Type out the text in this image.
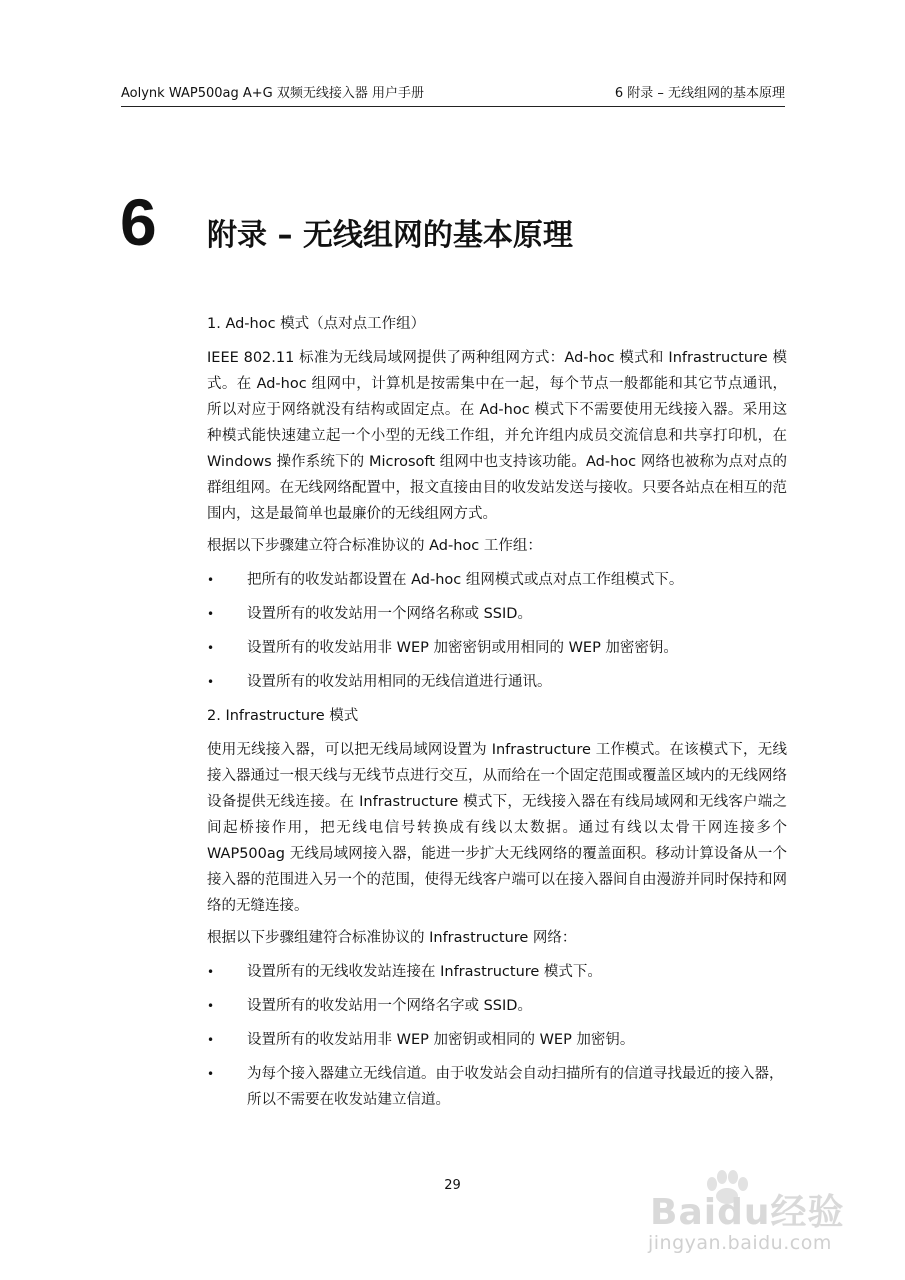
Aolynk WAP500ag A+G 双频无线接入器 用户手册	6 附录 – 无线组网的基本原理
6 附录 – 无线组网的基本原理
1. Ad-hoc 模式（点对点工作组）

IEEE 802.11 标准为无线局域网提供了两种组网方式：Ad-hoc 模式和 Infrastructure 模式。在 Ad-hoc 组网中，计算机是按需集中在一起，每个节点一般都能和其它节点通讯，所以对应于网络就没有结构或固定点。在 Ad-hoc 模式下不需要使用无线接入器。采用这种模式能快速建立起一个小型的无线工作组，并允许组内成员交流信息和共享打印机，在 Windows 操作系统下的 Microsoft 组网中也支持该功能。Ad-hoc 网络也被称为点对点的群组组网。在无线网络配置中，报文直接由目的收发站发送与接收。只要各站点在相互的范围内，这是最简单也最廉价的无线组网方式。

根据以下步骤建立符合标准协议的 Ad-hoc 工作组：

•	把所有的收发站都设置在 Ad-hoc 组网模式或点对点工作组模式下。
•	设置所有的收发站用一个网络名称或 SSID。
•	设置所有的收发站用非 WEP 加密密钥或用相同的 WEP 加密密钥。
•	设置所有的收发站用相同的无线信道进行通讯。
2. Infrastructure 模式

使用无线接入器，可以把无线局域网设置为 Infrastructure 工作模式。在该模式下，无线接入器通过一根天线与无线节点进行交互，从而给在一个固定范围或覆盖区域内的无线网络设备提供无线连接。在 Infrastructure 模式下，无线接入器在有线局域网和无线客户端之间起桥接作用，把无线电信号转换成有线以太数据。通过有线以太骨干网连接多个 WAP500ag 无线局域网接入器，能进一步扩大无线网络的覆盖面积。移动计算设备从一个接入器的范围进入另一个的范围，使得无线客户端可以在接入器间自由漫游并同时保持和网络的无缝连接。

根据以下步骤组建符合标准协议的 Infrastructure 网络：

•	设置所有的无线收发站连接在 Infrastructure 模式下。
•	设置所有的收发站用一个网络名字或 SSID。
•	设置所有的收发站用非 WEP 加密钥或相同的 WEP 加密钥。
•	为每个接入器建立无线信道。由于收发站会自动扫描所有的信道寻找最近的接入器，所以不需要在收发站建立信道。
29
Baidu经验
jingyan.baidu.com
